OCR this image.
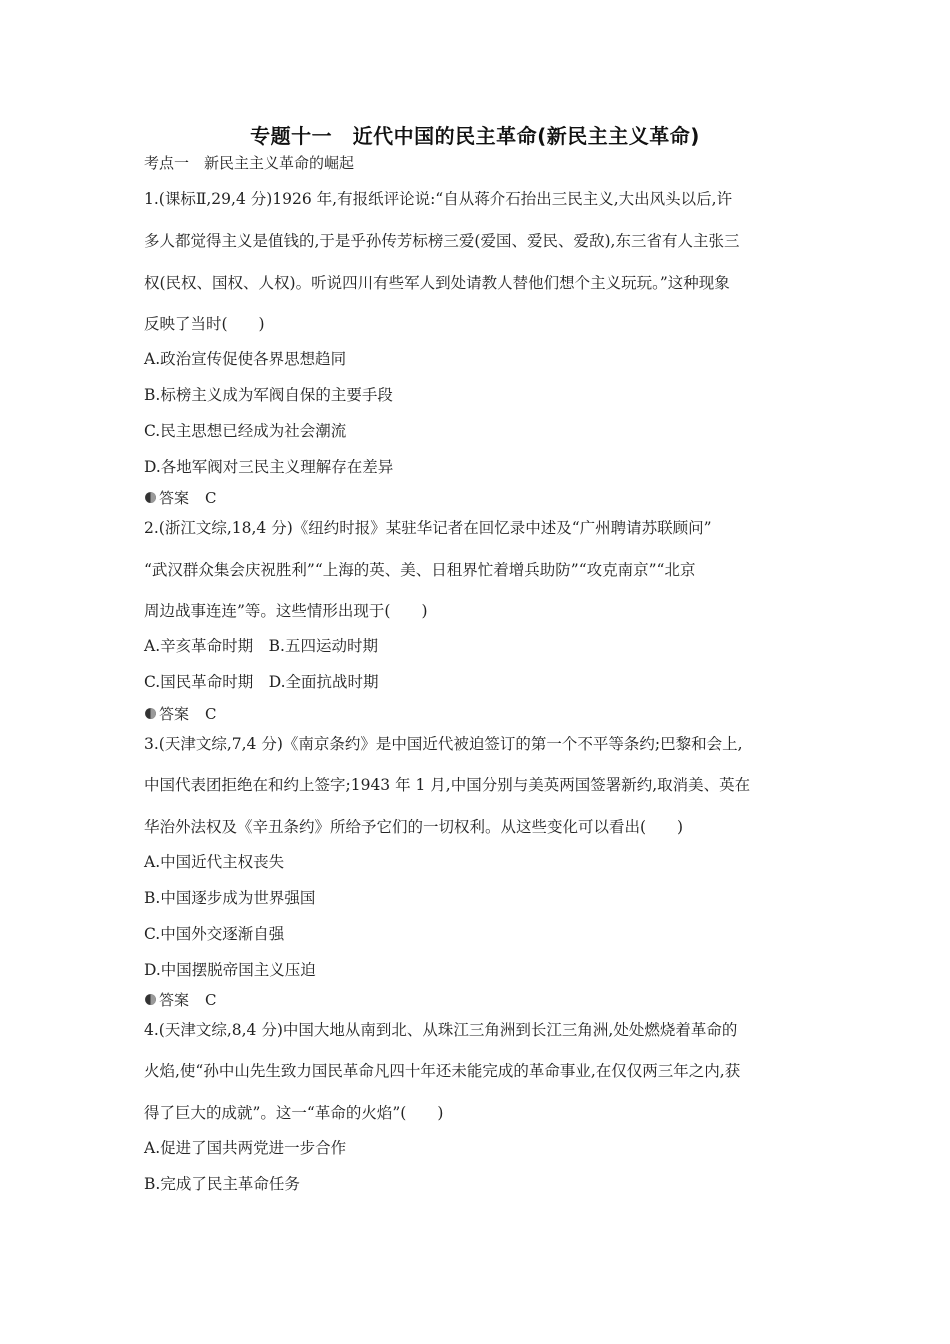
专题十一　近代中国的民主革命(新民主主义革命)
考点一　新民主主义革命的崛起
1.(课标Ⅱ,29,4 分)1926 年,有报纸评论说:“自从蒋介石抬出三民主义,大出风头以后,许
多人都觉得主义是值钱的,于是乎孙传芳标榜三爱(爱国、爱民、爱敌),东三省有人主张三
权(民权、国权、人权)。听说四川有些军人到处请教人替他们想个主义玩玩。”这种现象
反映了当时(　　)
A.政治宣传促使各界思想趋同
B.标榜主义成为军阀自保的主要手段
C.民主思想已经成为社会潮流
D.各地军阀对三民主义理解存在差异
答案 C
2.(浙江文综,18,4 分)《纽约时报》某驻华记者在回忆录中述及“广州聘请苏联顾问”
“武汉群众集会庆祝胜利”“上海的英、美、日租界忙着增兵助防”“攻克南京”“北京
周边战事连连”等。这些情形出现于(　　)
A.辛亥革命时期　B.五四运动时期
C.国民革命时期　D.全面抗战时期
答案 C
3.(天津文综,7,4 分)《南京条约》是中国近代被迫签订的第一个不平等条约;巴黎和会上,
中国代表团拒绝在和约上签字;1943 年 1 月,中国分别与美英两国签署新约,取消美、英在
华治外法权及《辛丑条约》所给予它们的一切权利。从这些变化可以看出(　　)
A.中国近代主权丧失
B.中国逐步成为世界强国
C.中国外交逐渐自强
D.中国摆脱帝国主义压迫
答案 C
4.(天津文综,8,4 分)中国大地从南到北、从珠江三角洲到长江三角洲,处处燃烧着革命的
火焰,使“孙中山先生致力国民革命凡四十年还未能完成的革命事业,在仅仅两三年之内,获
得了巨大的成就”。这一“革命的火焰”(　　)
A.促进了国共两党进一步合作
B.完成了民主革命任务
